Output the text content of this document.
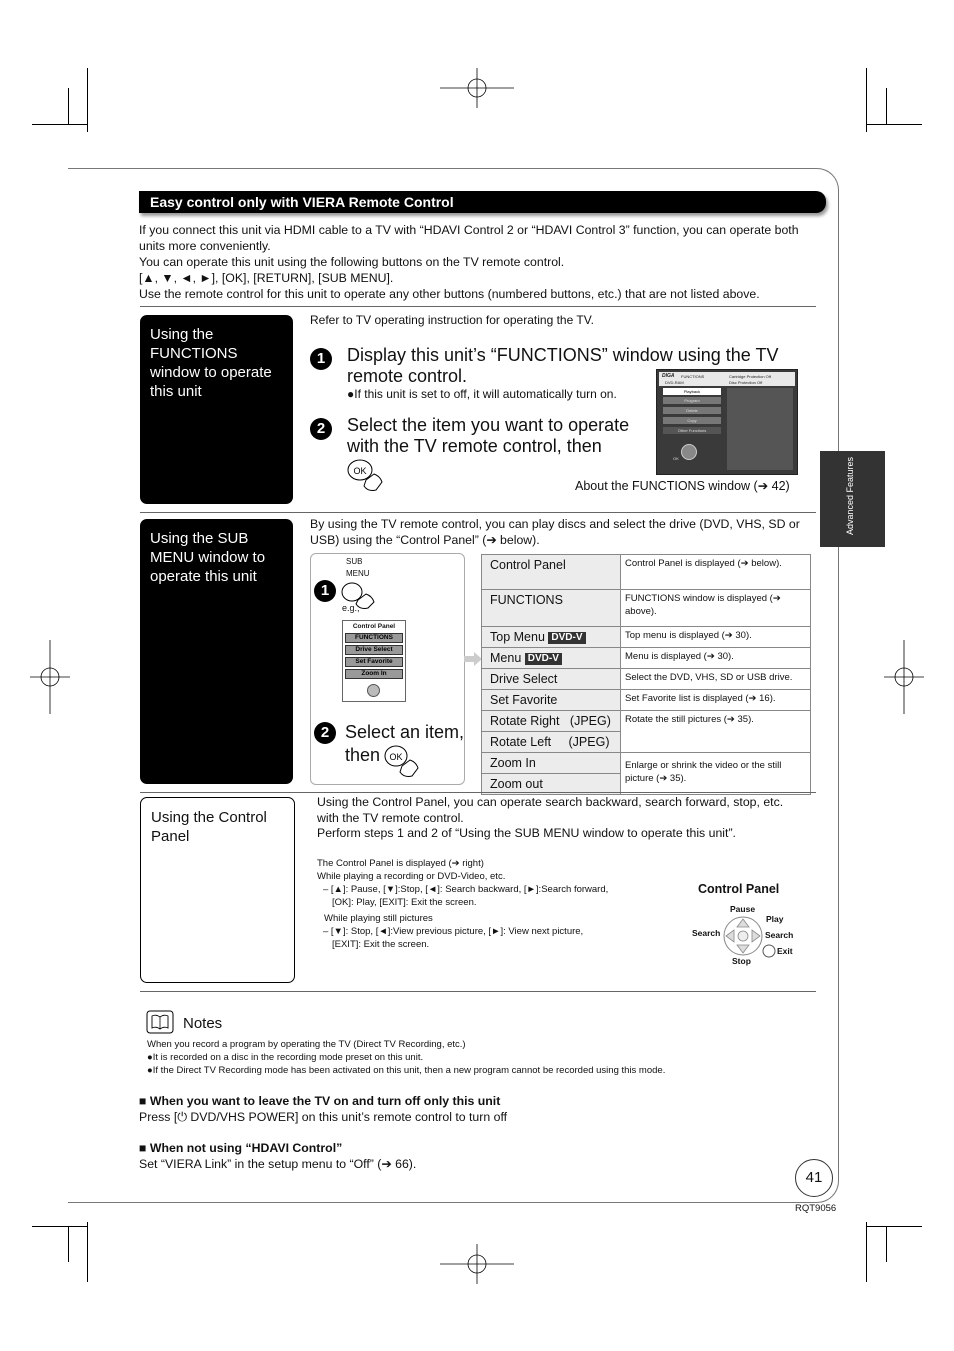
Easy control only with VIERA Remote Control

If you connect this unit via HDMI cable to a TV with “HDAVI Control 2 or “HDAVI Control 3” function, you can operate both units more conveniently.

You can operate this unit using the following buttons on the TV remote control.

[▲, ▼, ◄, ►], [OK], [RETURN], [SUB MENU].

Use the remote control for this unit to operate any other buttons (numbered buttons, etc.) that are not listed above.

Using the FUNCTIONS window to operate this unit
Refer to TV operating instruction for operating the TV.
1	Display this unit’s “FUNCTIONS” window using the TV remote control.
●If this unit is set to off, it will automatically turn on.
2	Select the item you want to operate with the TV remote control, then
OK
About the FUNCTIONS window (➔ 42)
DIGA FUNCTIONS
DVD-RAM
Cartridge Protection Off
Disc Protection Off
Playback
Program
Delete
Copy
Other Functions
OK	Advanced Features
Using the SUB MENU window to operate this unit
By using the TV remote control, you can play discs and select the drive (DVD, VHS, SD or USB) using the “Control Panel” (➔ below).
1
SUB
MENU
e.g.,
Control Panel
FUNCTIONS
Drive Select
Set Favorite
Zoom In
2 Select an item,
then OK
Control Panel	Control Panel is displayed (➔ below).
FUNCTIONS	FUNCTIONS window is displayed (➔ above).
Top Menu DVD-V	Top menu is displayed (➔ 30).
Menu DVD-V	Menu is displayed (➔ 30).
Drive Select	Select the DVD, VHS, SD or USB drive.
Set Favorite	Set Favorite list is displayed (➔ 16).
Rotate Right   (JPEG)	Rotate the still pictures (➔ 35).
Rotate Left     (JPEG)	
Zoom In	Enlarge or shrink the video or the still picture (➔ 35).
Zoom out	
Using the Control Panel
Using the Control Panel, you can operate search backward, search forward, stop, etc. with the TV remote control.
Perform steps 1 and 2 of “Using the SUB MENU window to operate this unit”.
The Control Panel is displayed (➔ right)
While playing a recording or DVD-Video, etc.
– [▲]: Pause, [▼]:Stop, [◄]: Search backward, [►]:Search forward,
[OK]: Play, [EXIT]: Exit the screen.
While playing still pictures
– [▼]: Stop, [◄]:View previous picture, [►]: View next picture,
[EXIT]: Exit the screen.
Control Panel
Pause
Play
Search	Search
Stop
Exit
Notes

When you record a program by operating the TV (Direct TV Recording, etc.)

●It is recorded on a disc in the recording mode preset on this unit.

●If the Direct TV Recording mode has been activated on this unit, then a new program cannot be recorded using this mode.

■ When you want to leave the TV on and turn off only this unit
Press [⏻ DVD/VHS POWER] on this unit’s remote control to turn off
■ When not using “HDAVI Control”
Set “VIERA Link” in the setup menu to “Off” (➔ 66).
41
RQT9056
